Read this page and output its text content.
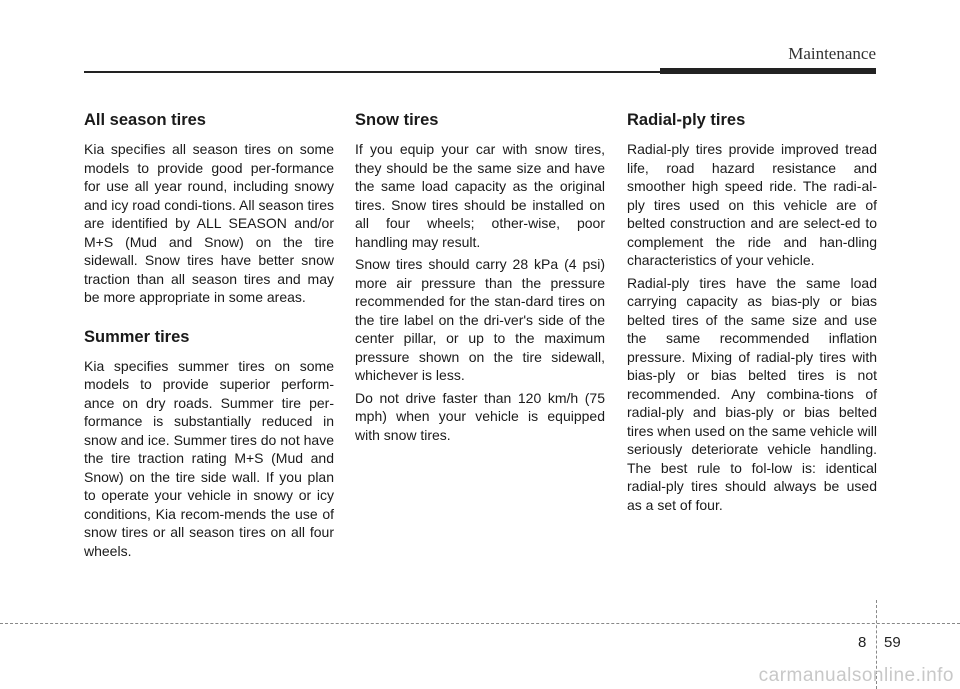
Maintenance
All season tires

Kia specifies all season tires on some models to provide good per-formance for use all year round, including snowy and icy road condi-tions. All season tires are identified by ALL SEASON and/or M+S (Mud and Snow) on the tire sidewall. Snow tires have better snow traction than all season tires and may be more appropriate in some areas.

Summer tires

Kia specifies summer tires on some models to provide superior perform-ance on dry roads. Summer tire per-formance is substantially reduced in snow and ice. Summer tires do not have the tire traction rating M+S (Mud and Snow) on the tire side wall. If you plan to operate your vehicle in snowy or icy conditions, Kia recom-mends the use of snow tires or all season tires on all four wheels.

Snow tires

If you equip your car with snow tires, they should be the same size and have the same load capacity as the original tires. Snow tires should be installed on all four wheels; other-wise, poor handling may result.

Snow tires should carry 28 kPa (4 psi) more air pressure than the pressure recommended for the stan-dard tires on the tire label on the dri-ver's side of the center pillar, or up to the maximum pressure shown on the tire sidewall, whichever is less.

Do not drive faster than 120 km/h (75 mph) when your vehicle is equipped with snow tires.

Radial-ply tires

Radial-ply tires provide improved tread life, road hazard resistance and smoother high speed ride. The radi-al-ply tires used on this vehicle are of belted construction and are select-ed to complement the ride and han-dling characteristics of your vehicle.

Radial-ply tires have the same load carrying capacity as bias-ply or bias belted tires of the same size and use the same recommended inflation pressure. Mixing of radial-ply tires with bias-ply or bias belted tires is not recommended. Any combina-tions of radial-ply and bias-ply or bias belted tires when used on the same vehicle will seriously deteriorate vehicle handling. The best rule to fol-low is: identical radial-ply tires should always be used as a set of four.

8 59
carmanualsonline.info
